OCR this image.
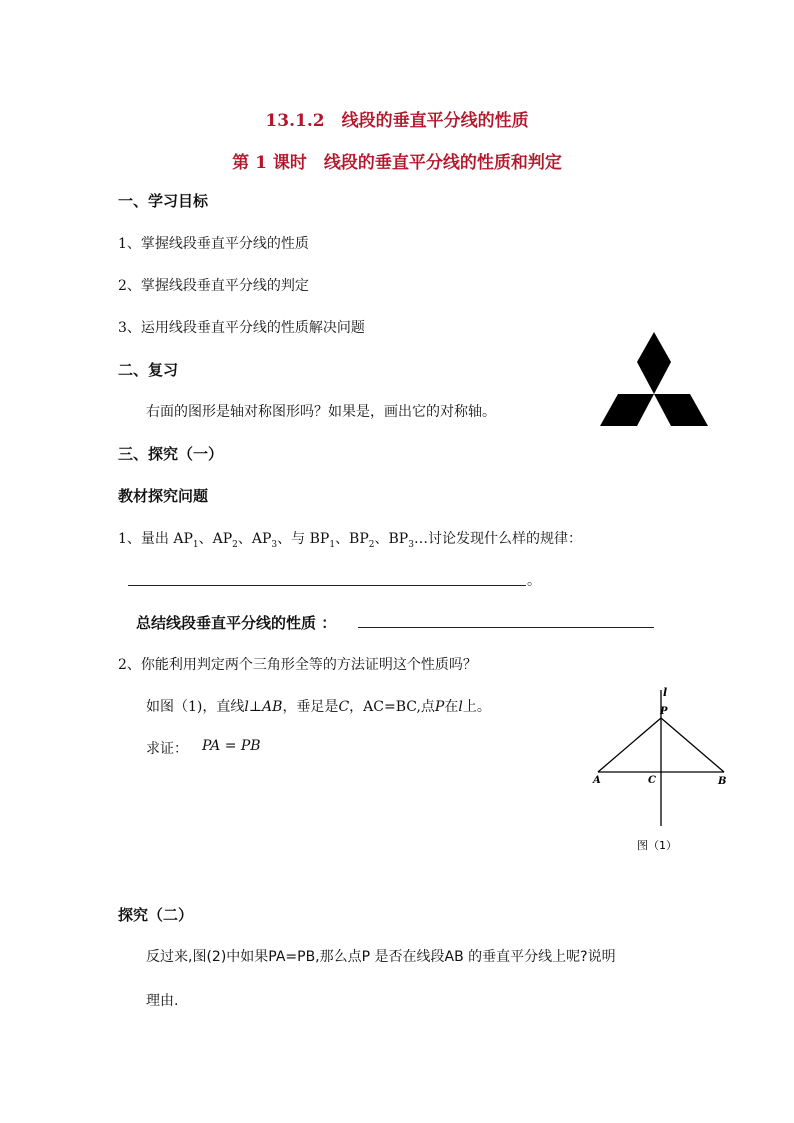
13.1.2　线段的垂直平分线的性质
第 1 课时　线段的垂直平分线的性质和判定
一、学习目标
1、掌握线段垂直平分线的性质
2、掌握线段垂直平分线的判定
3、运用线段垂直平分线的性质解决问题
二、复习
右面的图形是轴对称图形吗？如果是，画出它的对称轴。
三、探究（一）
教材探究问题
1、量出 $AP_1$、$AP_2$、$AP_3$、与 $BP_1$、$BP_2$、$BP_3\dots$讨论发现什么样的规律：
。
总结线段垂直平分线的性质 ：
2、你能利用判定两个三角形全等的方法证明这个性质吗？
如图（1)，直线l⊥AB，垂足是C，AC=BC,点P在l上。
求证： PA = PB
l
P
A	C	B
图（1）
探究（二）
反过来,图(2)中如果PA=PB,那么点P 是否在线段AB 的垂直平分线上呢?说明
理由.
